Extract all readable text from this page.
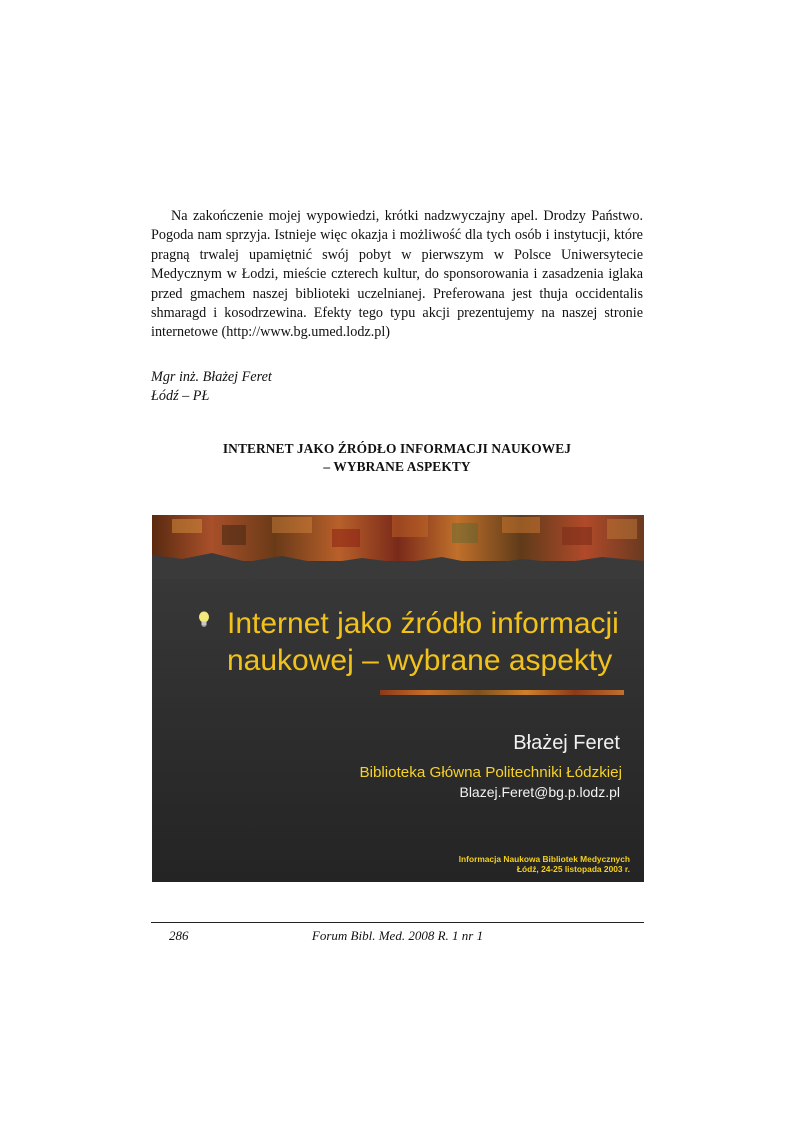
Na zakończenie mojej wypowiedzi, krótki nadzwyczajny apel. Drodzy Państwo. Pogoda nam sprzyja. Istnieje więc okazja i możliwość dla tych osób i instytucji, które pragną trwalej upamiętnić swój pobyt w pierwszym w Polsce Uniwersytecie Medycznym w Łodzi, mieście czterech kultur, do sponsorowania i zasadzenia iglaka przed gmachem naszej biblioteki uczelnianej. Preferowana jest thuja occidentalis shmaragd i kosodrzewina. Efekty tego typu akcji prezentujemy na naszej stronie internetowe (http://www.bg.umed.lodz.pl)

Mgr inż. Błażej Feret
Łódź – PŁ
INTERNET JAKO ŹRÓDŁO INFORMACJI NAUKOWEJ
– WYBRANE ASPEKTY
Internet jako źródło informacji
naukowej – wybrane aspekty
Błażej Feret
Biblioteka Główna Politechniki Łódzkiej
Blazej.Feret@bg.p.lodz.pl
Informacja Naukowa Bibliotek Medycznych
Łódź, 24-25 listopada 2003 r.
Forum Bibl. Med. 2008 R. 1 nr 1
286
